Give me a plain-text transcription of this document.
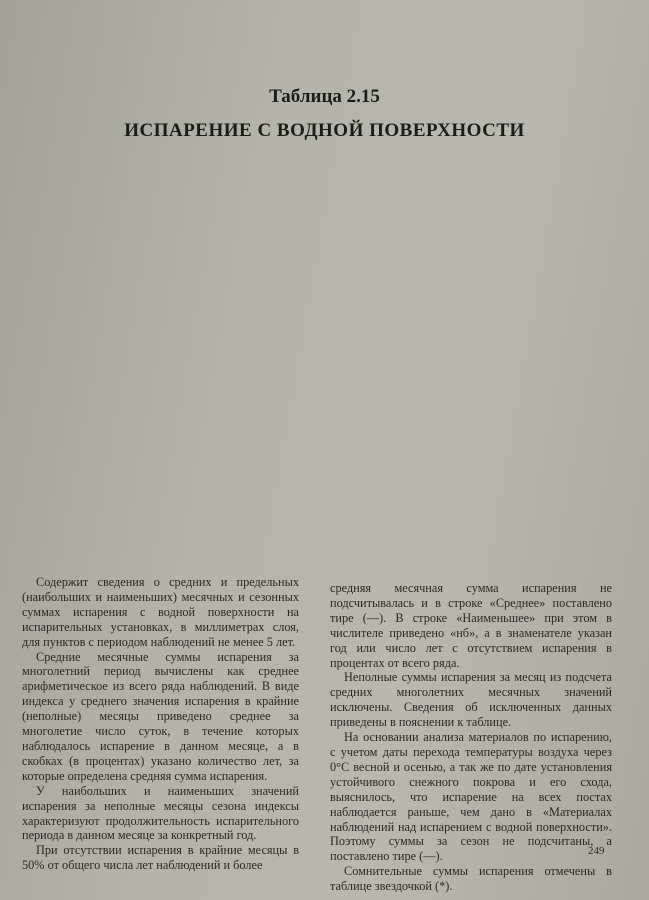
Таблица 2.15
ИСПАРЕНИЕ С ВОДНОЙ ПОВЕРХНОСТИ

Содержит сведения о средних и предельных (наибольших и наименьших) месячных и сезонных суммах испарения с водной поверхности на испарительных установках, в миллиметрах слоя, для пунктов с периодом наблюдений не менее 5 лет.

Средние месячные суммы испарения за многолетний период вычислены как среднее арифметическое из всего ряда наблюдений. В виде индекса у среднего значения испарения в крайние (неполные) месяцы приведено среднее за многолетие число суток, в течение которых наблюдалось испарение в данном месяце, а в скобках (в процентах) указано количество лет, за которые определена средняя сумма испарения.

У наибольших и наименьших значений испарения за неполные месяцы сезона индексы характеризуют продолжительность испарительного периода в данном месяце за конкретный год.

При отсутствии испарения в крайние месяцы в 50% от общего числа лет наблюдений и более

средняя месячная сумма испарения не подсчитывалась и в строке «Среднее» поставлено тире (—). В строке «Наименьшее» при этом в числителе приведено «нб», а в знаменателе указан год или число лет с отсутствием испарения в процентах от всего ряда.

Неполные суммы испарения за месяц из подсчета средних многолетних месячных значений исключены. Сведения об исключенных данных приведены в пояснении к таблице.

На основании анализа материалов по испарению, с учетом даты перехода температуры воздуха через 0°С весной и осенью, а так же по дате установления устойчивого снежного покрова и его схода, выяснилось, что испарение на всех постах наблюдается раньше, чем дано в «Материалах наблюдений над испарением с водной поверхности». Поэтому суммы за сезон не подсчитаны, а поставлено тире (—).

Сомнительные суммы испарения отмечены в таблице звездочкой (*).

249
